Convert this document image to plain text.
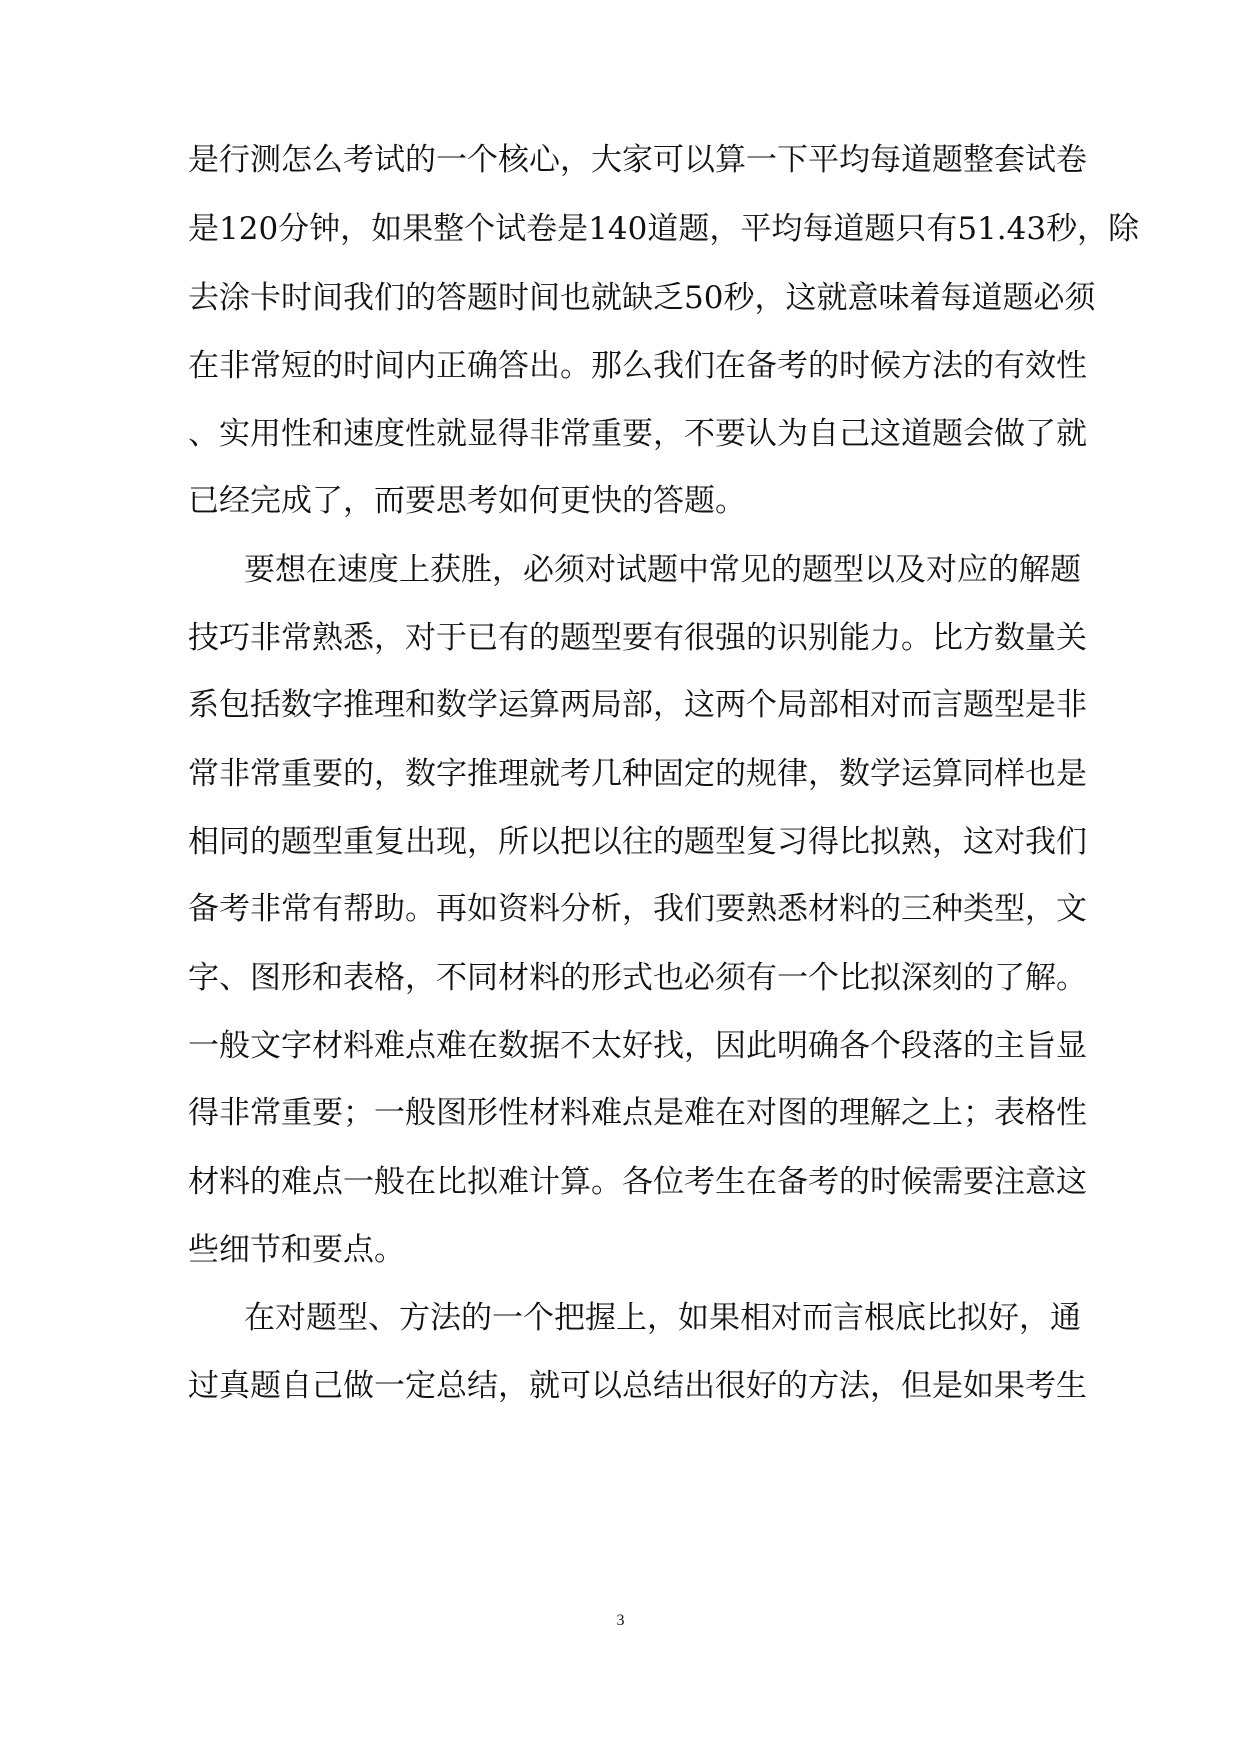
是行测怎么考试的一个核心，大家可以算一下平均每道题整套试卷
是120分钟，如果整个试卷是140道题，平均每道题只有51.43秒，除
去涂卡时间我们的答题时间也就缺乏50秒，这就意味着每道题必须
在非常短的时间内正确答出。那么我们在备考的时候方法的有效性
、实用性和速度性就显得非常重要，不要认为自己这道题会做了就
已经完成了，而要思考如何更快的答题。
要想在速度上获胜，必须对试题中常见的题型以及对应的解题
技巧非常熟悉，对于已有的题型要有很强的识别能力。比方数量关
系包括数字推理和数学运算两局部，这两个局部相对而言题型是非
常非常重要的，数字推理就考几种固定的规律，数学运算同样也是
相同的题型重复出现，所以把以往的题型复习得比拟熟，这对我们
备考非常有帮助。再如资料分析，我们要熟悉材料的三种类型，文
字、图形和表格，不同材料的形式也必须有一个比拟深刻的了解。
一般文字材料难点难在数据不太好找，因此明确各个段落的主旨显
得非常重要；一般图形性材料难点是难在对图的理解之上；表格性
材料的难点一般在比拟难计算。各位考生在备考的时候需要注意这
些细节和要点。
在对题型、方法的一个把握上，如果相对而言根底比拟好，通
过真题自己做一定总结，就可以总结出很好的方法，但是如果考生
3
